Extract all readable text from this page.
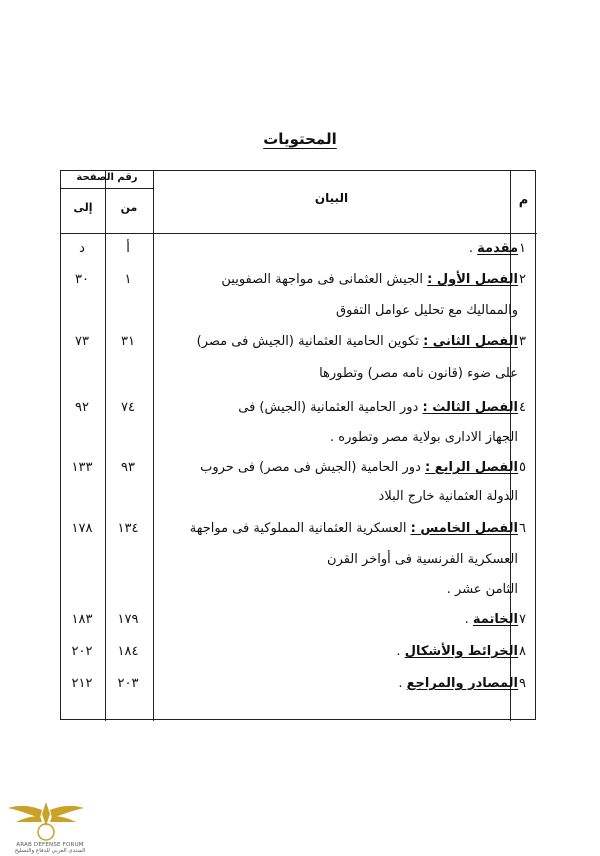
المحتويات
م
البيان
رقم الصفحة
من
إلى
١
مقدمة .
أ
د
٢
الفصل الأول : الجيش العثمانى فى مواجهة الصفويين
والمماليك مع تحليل عوامل التفوق
١
٣٠
٣
الفصل الثانى : تكوين الحامية العثمانية (الجيش فى مصر)
على ضوء (قانون نامه مصر) وتطورها
٣١
٧٣
٤
الفصل الثالث : دور الحامية العثمانية (الجيش) فى
الجهاز الادارى بولاية مصر وتطوره .
٧٤
٩٢
٥
الفصل الرابع : دور الحامية (الجيش فى مصر) فى حروب
الدولة العثمانية خارج البلاد
٩٣
١٣٣
٦
الفصل الخامس : العسكرية العثمانية المملوكية فى مواجهة
العسكرية الفرنسية فى أواخر القرن
الثامن عشر .
١٣٤
١٧٨
٧
الخاتمة .
١٧٩
١٨٣
٨
الخرائط والأشكال .
١٨٤
٢٠٢
٩
المصادر والمراجع .
٢٠٣
٢١٢
ARAB DEFENSE FORUM
المنتدى العربي للدفاع والتسليح
